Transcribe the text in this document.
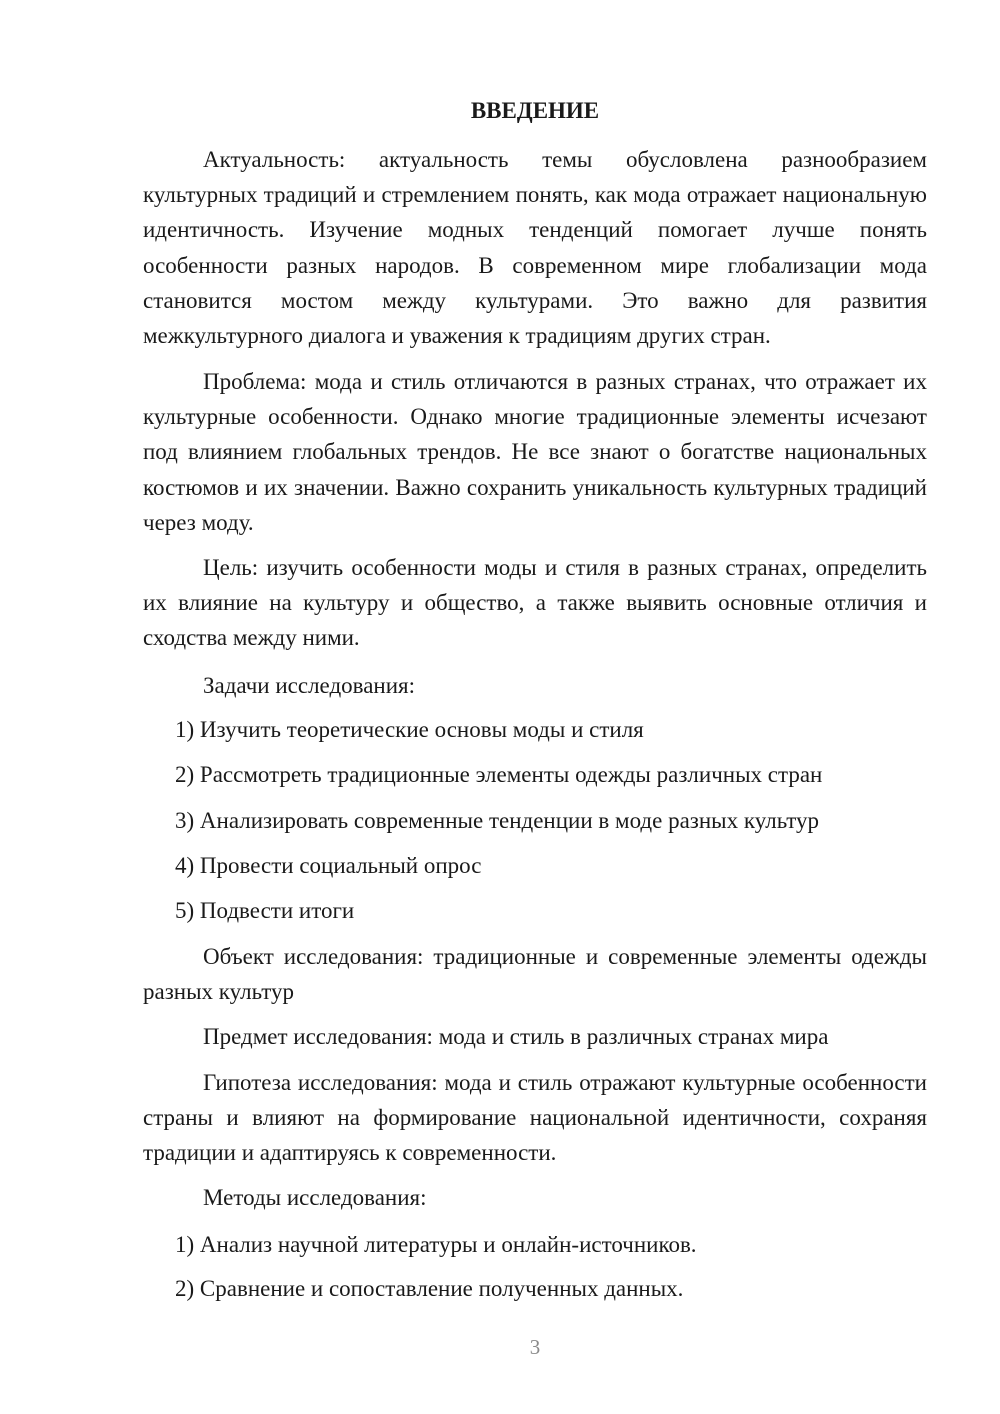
ВВЕДЕНИЕ

Актуальность: актуальность темы обусловлена разнообразием культурных традиций и стремлением понять, как мода отражает национальную идентичность. Изучение модных тенденций помогает лучше понять особенности разных народов. В современном мире глобализации мода становится мостом между культурами. Это важно для развития межкультурного диалога и уважения к традициям других стран.

Проблема: мода и стиль отличаются в разных странах, что отражает их культурные особенности. Однако многие традиционные элементы исчезают под влиянием глобальных трендов. Не все знают о богатстве национальных костюмов и их значении. Важно сохранить уникальность культурных традиций через моду.

Цель: изучить особенности моды и стиля в разных странах, определить их влияние на культуру и общество, а также выявить основные отличия и сходства между ними.

Задачи исследования:

1) Изучить теоретические основы моды и стиля

2) Рассмотреть традиционные элементы одежды различных стран

3) Анализировать современные тенденции в моде разных культур

4) Провести социальный опрос

5) Подвести итоги

Объект исследования: традиционные и современные элементы одежды разных культур

Предмет исследования: мода и стиль в различных странах мира

Гипотеза исследования: мода и стиль отражают культурные особенности страны и влияют на формирование национальной идентичности, сохраняя традиции и адаптируясь к современности.

Методы исследования:

1) Анализ научной литературы и онлайн-источников.

2) Сравнение и сопоставление полученных данных.

3
